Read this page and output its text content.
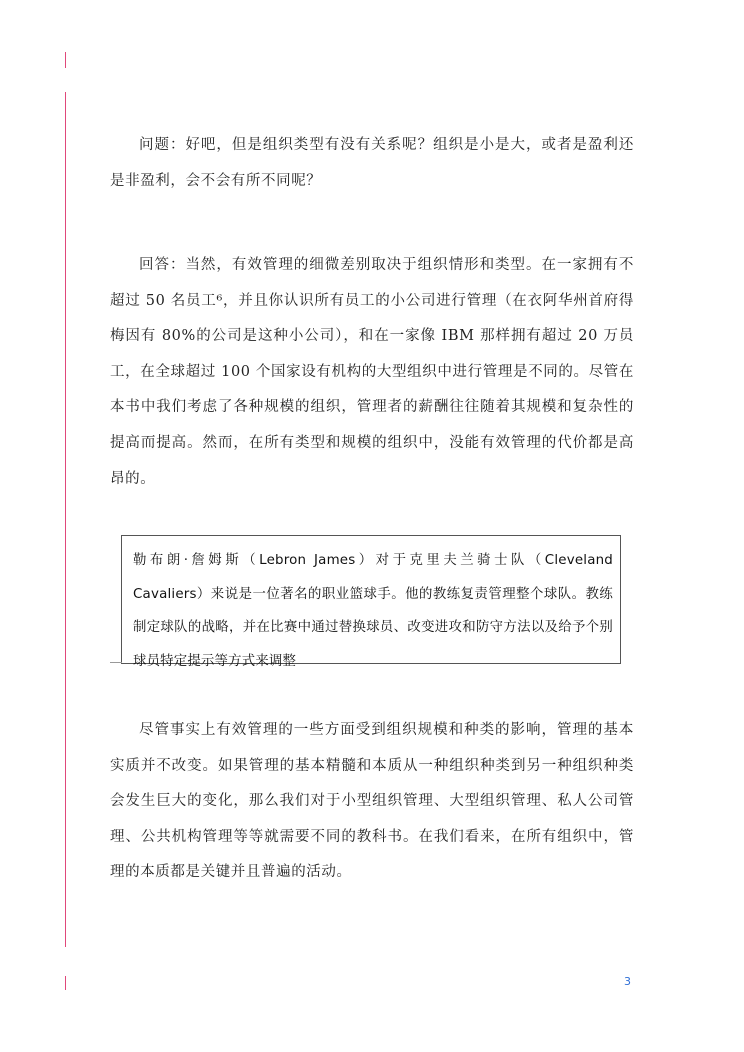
问题：好吧，但是组织类型有没有关系呢？组织是小是大，或者是盈利还是非盈利，会不会有所不同呢？

回答：当然，有效管理的细微差别取决于组织情形和类型。在一家拥有不超过 50 名员工⁶，并且你认识所有员工的小公司进行管理（在衣阿华州首府得梅因有 80%的公司是这种小公司），和在一家像 IBM 那样拥有超过 20 万员工，在全球超过 100 个国家设有机构的大型组织中进行管理是不同的。尽管在本书中我们考虑了各种规模的组织，管理者的薪酬往往随着其规模和复杂性的提高而提高。然而，在所有类型和规模的组织中，没能有效管理的代价都是高昂的。

勒布朗·詹姆斯（Lebron James）对于克里夫兰骑士队（Cleveland Cavaliers）来说是一位著名的职业篮球手。他的教练复责管理整个球队。教练制定球队的战略，并在比赛中通过替换球员、改变进攻和防守方法以及给予个别球员特定提示等方式来调整

尽管事实上有效管理的一些方面受到组织规模和种类的影响，管理的基本实质并不改变。如果管理的基本精髓和本质从一种组织种类到另一种组织种类会发生巨大的变化，那么我们对于小型组织管理、大型组织管理、私人公司管理、公共机构管理等等就需要不同的教科书。在我们看来，在所有组织中，管理的本质都是关键并且普遍的活动。

3
